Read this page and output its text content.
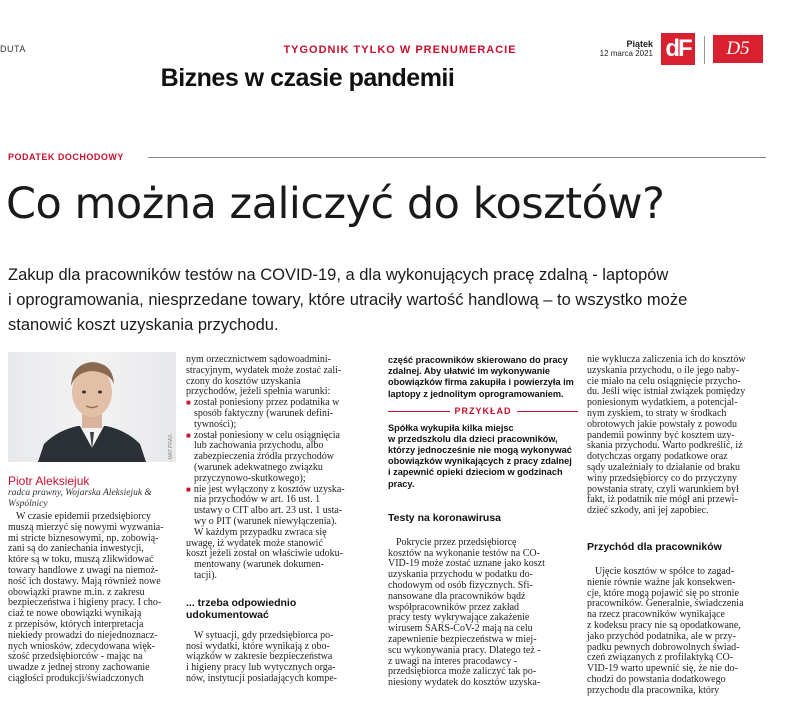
DUTA	TYGODNIK TYLKO W PRENUMERACIE
Biznes w czasie pandemii
Piątek
12 marca 2021 dF	D5
PODATEK DOCHODOWY
Co można zaliczyć do kosztów?

Zakup dla pracowników testów na COVID-19, a dla wykonujących pracę zdalną - laptopów

i oprogramowania, niesprzedane towary, które utraciły wartość handlową – to wszystko może

stanowić koszt uzyskania przychodu.

MAT PRAS.
Piotr Aleksiejuk
radca prawny, Wojarska Aleksiejuk &
Wspólnicy

W czasie epidemii przedsiębiorcy

muszą mierzyć się nowymi wyzwania-

mi stricte biznesowymi, np. zobowią-

zani są do zaniechania inwestycji,

które są w toku, muszą zlikwidować

towary handlowe z uwagi na niemoż-

ność ich dostawy. Mają również nowe

obowiązki prawne m.in. z zakresu

bezpieczeństwa i higieny pracy. I cho-

ciaż te nowe obowiązki wynikają

z przepisów, których interpretacja

niekiedy prowadzi do niejednoznacz-

nych wniosków, zdecydowana więk-

szość przedsiębiorców - mając na

uwadze z jednej strony zachowanie

ciągłości produkcji/świadczonych

nym orzecznictwem sądowoadmini-

stracyjnym, wydatek może zostać zali-

czony do kosztów uzyskania

przychodów, jeżeli spełnia warunki:

■ został poniesiony przez podatnika w

sposób faktyczny (warunek defini-

tywności);

■ został poniesiony w celu osiągnięcia

lub zachowania przychodu, albo

zabezpieczenia źródła przychodów

(warunek adekwatnego związku

przyczynowo-skutkowego);

■ nie jest wyłączony z kosztów uzyska-

nia przychodów w art. 16 ust. 1

ustawy o CIT albo art. 23 ust. 1 usta-

wy o PIT (warunek niewyłączenia).

W każdym przypadku zwraca się

uwagę, iż wydatek może stanowić

koszt jeżeli został on właściwie udoku-

mentowany (warunek dokumen-

tacji).

... trzeba odpowiednio

udokumentować

W sytuacji, gdy przedsiębiorca po-

nosi wydatki, które wynikają z obo-

wiązków w zakresie bezpieczeństwa

i higieny pracy lub wytycznych orga-

nów, instytucji posiadających kompe-

część pracowników skierowano do pracy

zdalnej. Aby ułatwić im wykonywanie

obowiązków firma zakupiła i powierzyła im

laptopy z jednolitym oprogramowaniem.

PRZYKŁAD

Spółka wykupiła kilka miejsc

w przedszkolu dla dzieci pracowników,

którzy jednocześnie nie mogą wykonywać

obowiązków wynikających z pracy zdalnej

i zapewnić opieki dzieciom w godzinach

pracy.

Testy na koronawirusa

Pokrycie przez przedsiębiorcę

kosztów na wykonanie testów na CO-

VID-19 może zostać uznane jako koszt

uzyskania przychodu w podatku do-

chodowym od osób fizycznych. Sfi-

nansowane dla pracowników bądź

współpracowników przez zakład

pracy testy wykrywające zakażenie

wirusem SARS-CoV-2 mają na celu

zapewnienie bezpieczeństwa w miej-

scu wykonywania pracy. Dlatego też -

z uwagi na interes pracodawcy -

przedsiębiorca może zaliczyć tak po-

niesiony wydatek do kosztów uzyska-

nie wyklucza zaliczenia ich do kosztów

uzyskania przychodu, o ile jego naby-

cie miało na celu osiągnięcie przycho-

du. Jeśli więc istniał związek pomiędzy

poniesionym wydatkiem, a potencjal-

nym zyskiem, to straty w środkach

obrotowych jakie powstały z powodu

pandemii powinny być kosztem uzy-

skania przychodu. Warto podkreślić, iż

dotychczas organy podatkowe oraz

sądy uzależniały to działanie od braku

winy przedsiębiorcy co do przyczyny

powstania straty, czyli warunkiem był

fakt, iż podatnik nie mógł ani przewi-

dzieć szkody, ani jej zapobiec.

Przychód dla pracowników

Ujęcie kosztów w spółce to zagad-

nienie równie ważne jak konsekwen-

cje, które mogą pojawić się po stronie

pracowników. Generalnie, świadczenia

na rzecz pracowników wynikające

z kodeksu pracy nie są opodatkowane,

jako przychód podatnika, ale w przy-

padku pewnych dobrowolnych świad-

czeń związanych z profilaktyką CO-

VID-19 warto upewnić się, że nie do-

chodzi do powstania dodatkowego

przychodu dla pracownika, który
